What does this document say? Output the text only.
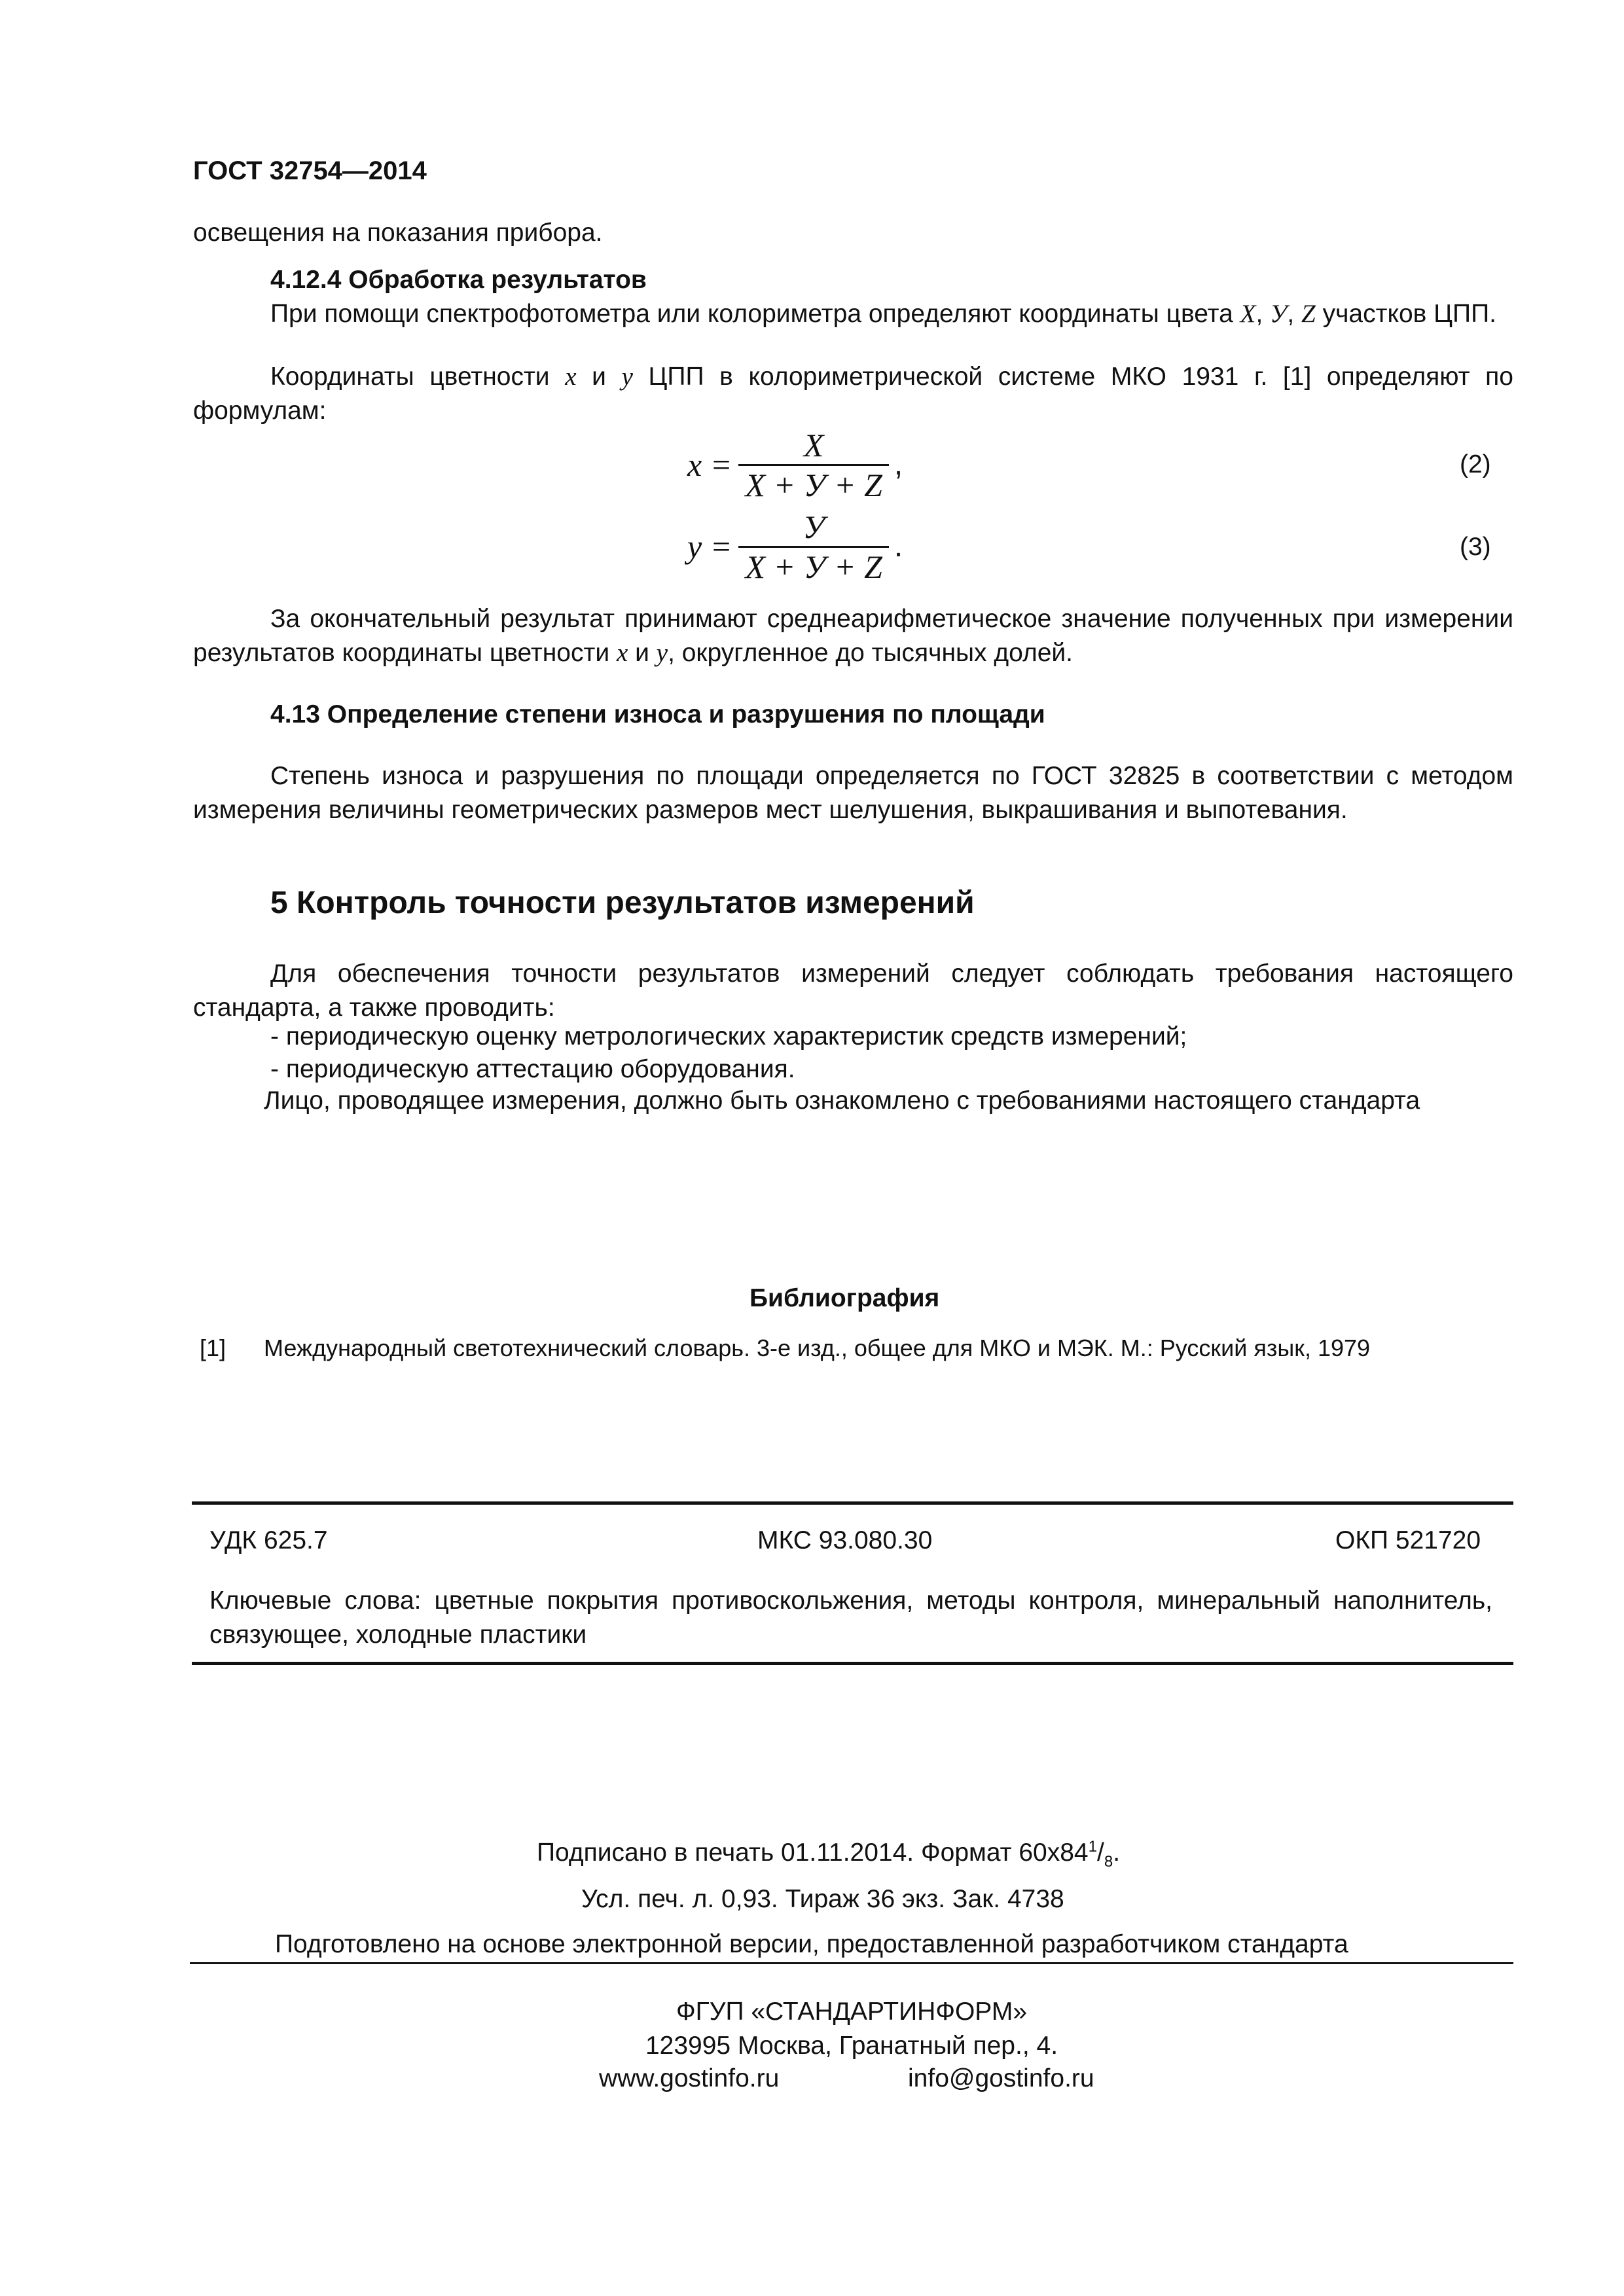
ГОСТ 32754—2014
освещения на показания прибора.
4.12.4 Обработка результатов
При помощи спектрофотометра или колориметра определяют координаты цвета X, У, Z участков ЦПП.
Координаты цветности x и у ЦПП в колориметрической системе МКО 1931 г. [1] определяют по формулам:
$x = \frac{X}{X + У + Z}$ ,	(2)
$у = \frac{У}{X + У + Z}$ .	(3)
За окончательный результат принимают среднеарифметическое значение полученных при измерении результатов координаты цветности x и у, округленное до тысячных долей.
4.13 Определение степени износа и разрушения по площади
Степень износа и разрушения по площади определяется по ГОСТ 32825 в соответствии с методом измерения величины геометрических размеров мест шелушения, выкрашивания и выпотевания.
5 Контроль точности результатов измерений
Для обеспечения точности результатов измерений следует соблюдать требования настоящего стандарта, а также проводить:
- периодическую оценку метрологических характеристик средств измерений;
- периодическую аттестацию оборудования.
Лицо, проводящее измерения, должно быть ознакомлено с требованиями настоящего стандарта
Библиография
[1]	Международный светотехнический словарь. 3-е изд., общее для МКО и МЭК. М.: Русский язык, 1979
УДК 625.7	МКС 93.080.30	ОКП 521720
Ключевые слова: цветные покрытия противоскольжения, методы контроля, минеральный наполнитель, связующее, холодные пластики
Подписано в печать 01.11.2014. Формат $60х84^1/_8$.
Усл. печ. л. 0,93. Тираж 36 экз. Зак. 4738
Подготовлено на основе электронной версии, предоставленной разработчиком стандарта
ФГУП «СТАНДАРТИНФОРМ»
123995 Москва, Гранатный пер., 4.
www.gostinfo.ru	info@gostinfo.ru
